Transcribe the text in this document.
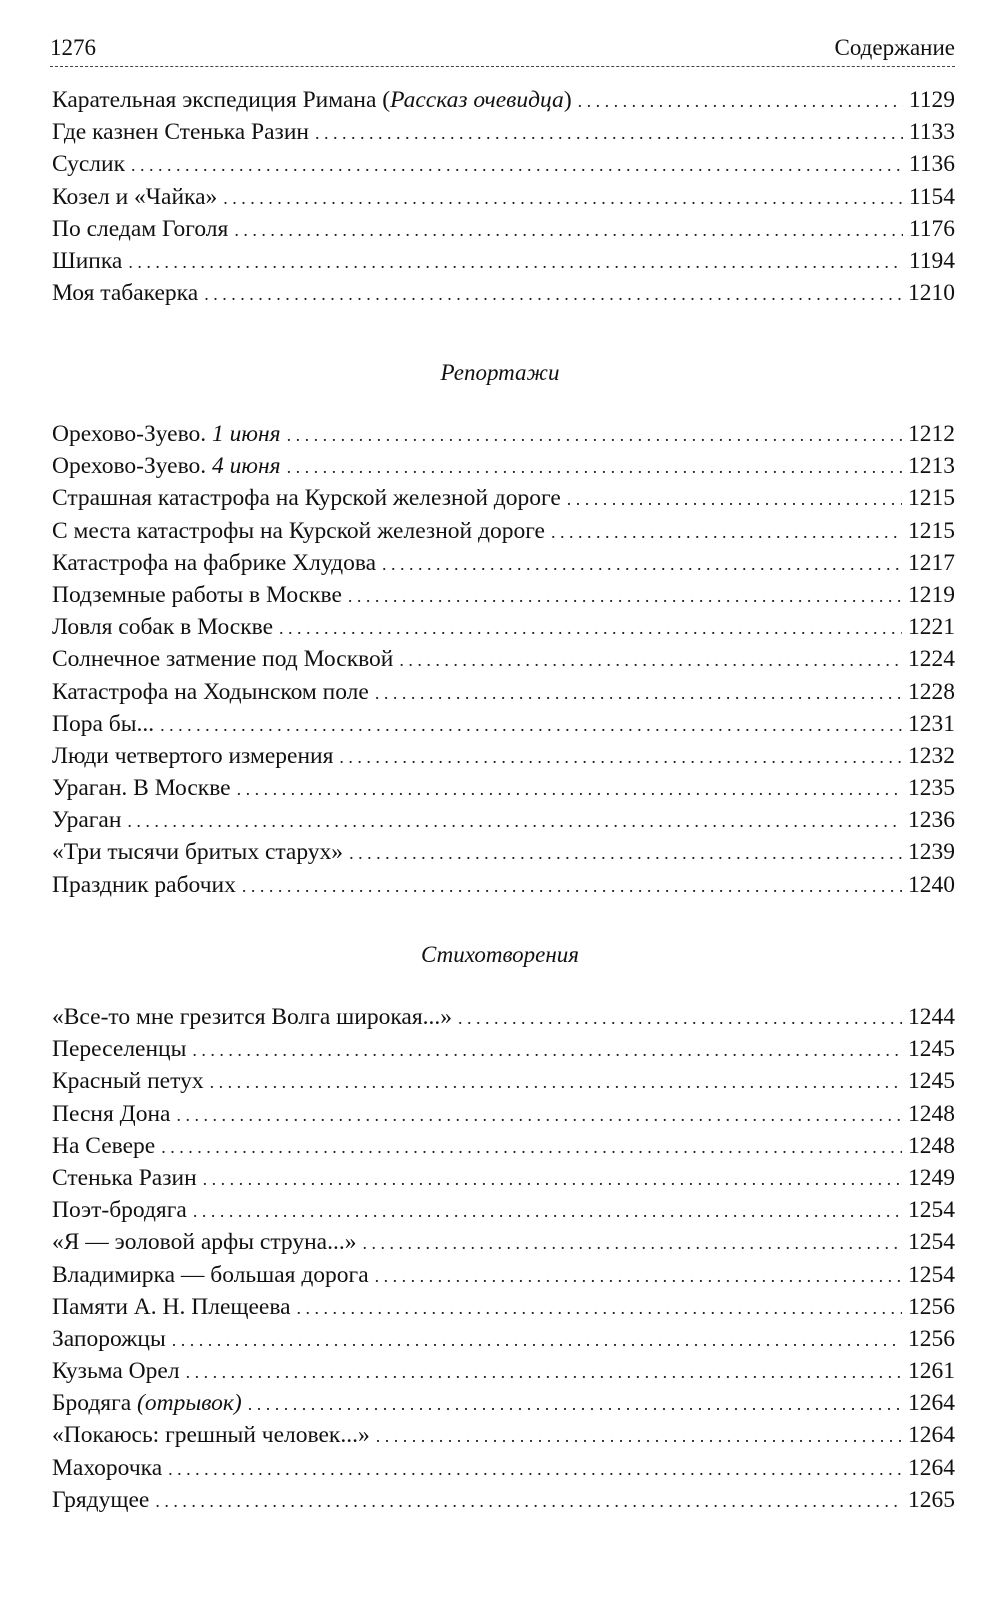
1276	Содержание
Карательная экспедиция Римана (Рассказ очевидца) . . .	1129
Где казнен Стенька Разин . . .	1133
Суслик . . .	1136
Козел и «Чайка» . . .	1154
По следам Гоголя . . .	1176
Шипка . . .	1194
Моя табакерка . . .	1210
Репортажи
Орехово-Зуево. 1 июня . . .	1212
Орехово-Зуево. 4 июня . . .	1213
Страшная катастрофа на Курской железной дороге . . .	1215
С места катастрофы на Курской железной дороге . . .	1215
Катастрофа на фабрике Хлудова . . .	1217
Подземные работы в Москве . . .	1219
Ловля собак в Москве . . .	1221
Солнечное затмение под Москвой . . .	1224
Катастрофа на Ходынском поле . . .	1228
Пора бы... . . .	1231
Люди четвертого измерения . . .	1232
Ураган. В Москве . . .	1235
Ураган . . .	1236
«Три тысячи бритых старух» . . .	1239
Праздник рабочих . . .	1240
Стихотворения
«Все-то мне грезится Волга широкая...» . . .	1244
Переселенцы . . .	1245
Красный петух . . .	1245
Песня Дона . . .	1248
На Севере . . .	1248
Стенька Разин . . .	1249
Поэт-бродяга . . .	1254
«Я — эоловой арфы струна...» . . .	1254
Владимирка — большая дорога . . .	1254
Памяти А. Н. Плещеева . . .	1256
Запорожцы . . .	1256
Кузьма Орел . . .	1261
Бродяга (отрывок) . . .	1264
«Покаюсь: грешный человек...» . . .	1264
Махорочка . . .	1264
Грядущее . . .	1265
